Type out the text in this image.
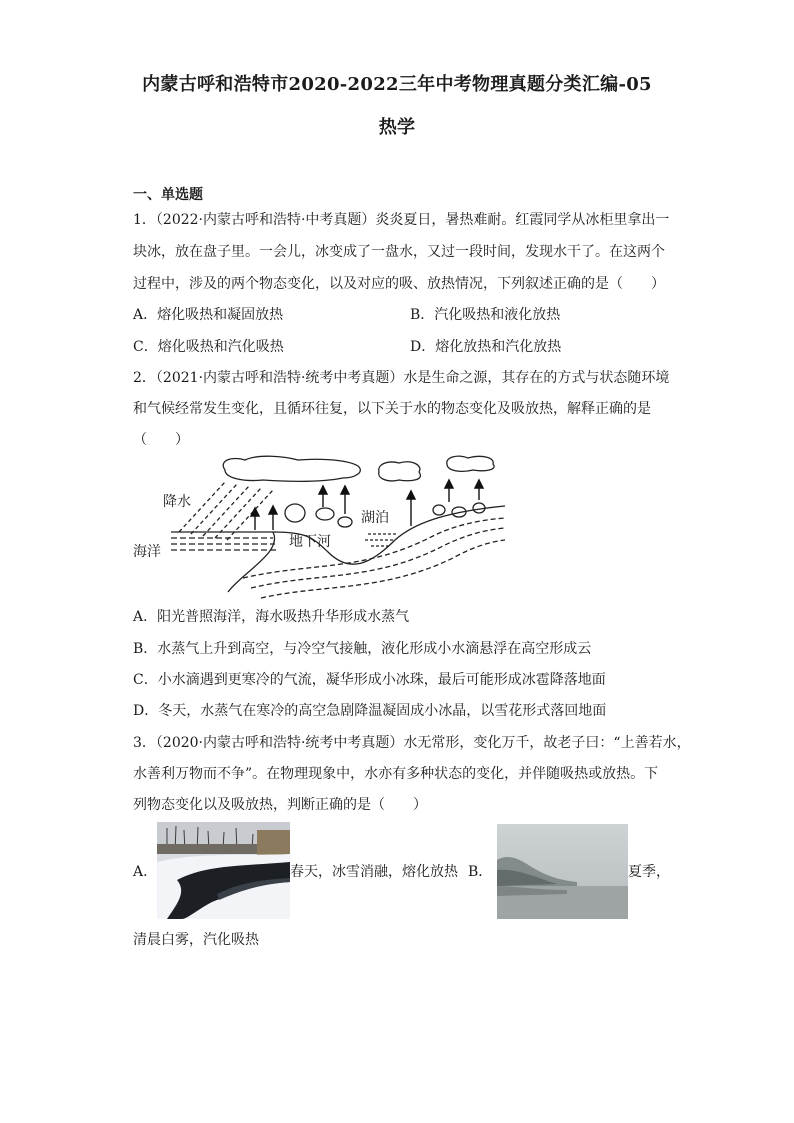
内蒙古呼和浩特市2020-2022三年中考物理真题分类汇编-05
热学
一、单选题
1．（2022·内蒙古呼和浩特·中考真题）炎炎夏日，暑热难耐。红霞同学从冰柜里拿出一
块冰，放在盘子里。一会儿，冰变成了一盘水，又过一段时间，发现水干了。在这两个
过程中，涉及的两个物态变化，以及对应的吸、放热情况，下列叙述正确的是（　　）
A．熔化吸热和凝固放热	B．汽化吸热和液化放热
C．熔化吸热和汽化吸热	D．熔化放热和汽化放热
2．（2021·内蒙古呼和浩特·统考中考真题）水是生命之源，其存在的方式与状态随环境
和气候经常发生变化，且循环往复，以下关于水的物态变化及吸放热，解释正确的是
（　　）
降水
海洋
湖泊
地下河
A．阳光普照海洋，海水吸热升华形成水蒸气
B．水蒸气上升到高空，与冷空气接触，液化形成小水滴悬浮在高空形成云
C．小水滴遇到更寒冷的气流，凝华形成小冰珠，最后可能形成冰雹降落地面
D．冬天，水蒸气在寒冷的高空急剧降温凝固成小冰晶，以雪花形式落回地面
3．（2020·内蒙古呼和浩特·统考中考真题）水无常形，变化万千，故老子曰：“上善若水，
水善利万物而不争”。在物理现象中，水亦有多种状态的变化，并伴随吸热或放热。下
列物态变化以及吸放热，判断正确的是（　　）
A．	春天，冰雪消融，熔化放热 B．	夏季，
清晨白雾，汽化吸热
